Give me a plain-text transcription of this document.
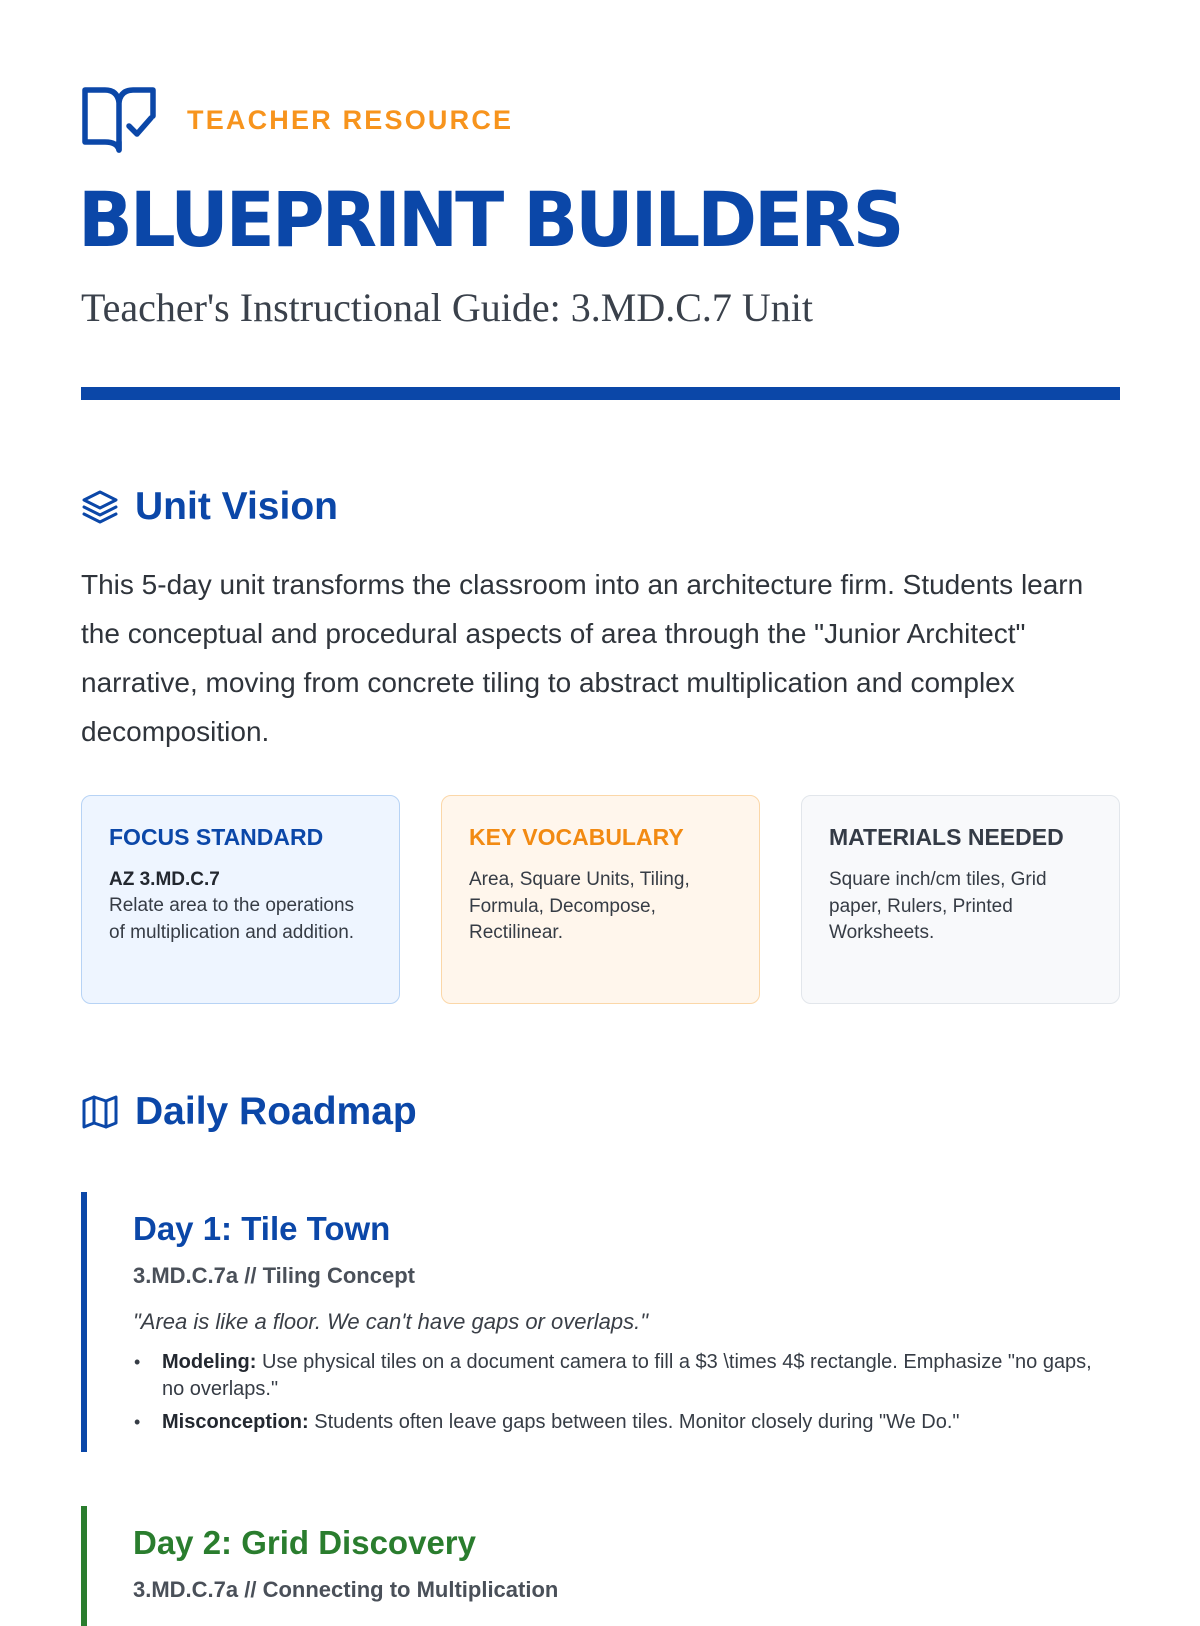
TEACHER RESOURCE
BLUEPRINT BUILDERS
Teacher's Instructional Guide: 3.MD.C.7 Unit
Unit Vision

This 5-day unit transforms the classroom into an architecture firm. Students learn the conceptual and procedural aspects of area through the "Junior Architect" narrative, moving from concrete tiling to abstract multiplication and complex decomposition.

FOCUS STANDARD
AZ 3.MD.C.7
Relate area to the operations of multiplication and addition.
KEY VOCABULARY
Area, Square Units, Tiling, Formula, Decompose, Rectilinear.
MATERIALS NEEDED
Square inch/cm tiles, Grid paper, Rulers, Printed Worksheets.
Daily Roadmap
Day 1: Tile Town
3.MD.C.7a // Tiling Concept
"Area is like a floor. We can't have gaps or overlaps."
• Modeling: Use physical tiles on a document camera to fill a $3 \times 4$ rectangle. Emphasize "no gaps, no overlaps."
• Misconception: Students often leave gaps between tiles. Monitor closely during "We Do."
Day 2: Grid Discovery
3.MD.C.7a // Connecting to Multiplication
